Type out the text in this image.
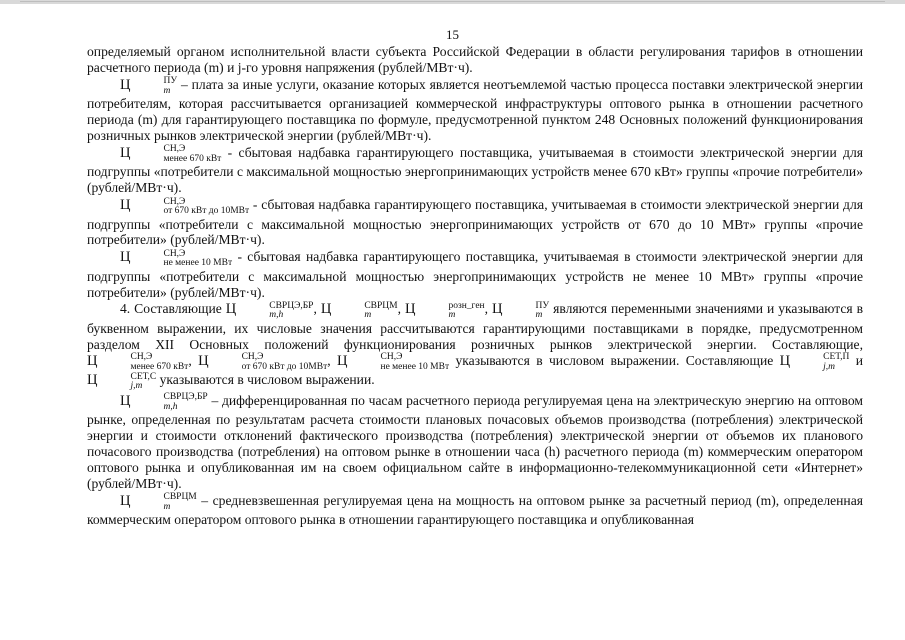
15

определяемый органом исполнительной власти субъекта Российской Федерации в области регулирования тарифов в отношении расчетного периода (m) и j-го уровня напряжения (рублей/МВт·ч).

Ц	ПУ
m – плата за иные услуги, оказание которых является неотъемлемой частью процесса поставки электрической энергии потребителям, которая рассчитывается организацией коммерческой инфраструктуры оптового рынка в отношении расчетного периода (m) для гарантирующего поставщика по формуле, предусмотренной пунктом 248 Основных положений функционирования розничных рынков электрической энергии (рублей/МВт·ч).

Ц	СН,Э
менее 670 кВт - сбытовая надбавка гарантирующего поставщика, учитываемая в стоимости электрической энергии для подгруппы «потребители с максимальной мощностью энергопринимающих устройств менее 670 кВт» группы «прочие потребители» (рублей/МВт·ч).

Ц	СН,Э
от 670 кВт до 10МВт - сбытовая надбавка гарантирующего поставщика, учитываемая в стоимости электрической энергии для подгруппы «потребители с максимальной мощностью энергопринимающих устройств от 670 до 10 МВт» группы «прочие потребители» (рублей/МВт·ч).

Ц	СН,Э
не менее 10 МВт - сбытовая надбавка гарантирующего поставщика, учитываемая в стоимости электрической энергии для подгруппы «потребители с максимальной мощностью энергопринимающих устройств не менее 10 МВт» группы «прочие потребители» (рублей/МВт·ч).

4. Составляющие Ц	СВРЦЭ,БР
m,h	, Ц	СВРЦМ
m	, Ц	розн_ген
m	, Ц	ПУ
m являются переменными значениями и указываются в буквенном выражении, их числовые значения рассчитываются гарантирующими поставщиками в порядке, предусмотренном разделом XII Основных положений функционирования розничных рынков электрической энергии. Составляющие, Ц	СН,Э
менее 670 кВт , Ц	СН,Э
от 670 кВт до 10МВт , Ц	СН,Э
не менее 10 МВт указываются в числовом выражении. Составляющие Ц	СЕТ,П
j,m	и Ц	СЕТ,С
j,m	указываются в числовом выражении.

Ц	СВРЦЭ,БР
m,h	– дифференцированная по часам расчетного периода регулируемая цена на электрическую энергию на оптовом рынке, определенная по результатам расчета стоимости плановых почасовых объемов производства (потребления) электрической энергии и стоимости отклонений фактического производства (потребления) электрической энергии от объемов их планового почасового производства (потребления) на оптовом рынке в отношении часа (h) расчетного периода (m) коммерческим оператором оптового рынка и опубликованная им на своем официальном сайте в информационно-телекоммуникационной сети «Интернет» (рублей/МВт·ч).

Ц	СВРЦМ
m	– средневзвешенная регулируемая цена на мощность на оптовом рынке за расчетный период (m), определенная коммерческим оператором оптового рынка в отношении гарантирующего поставщика и опубликованная
